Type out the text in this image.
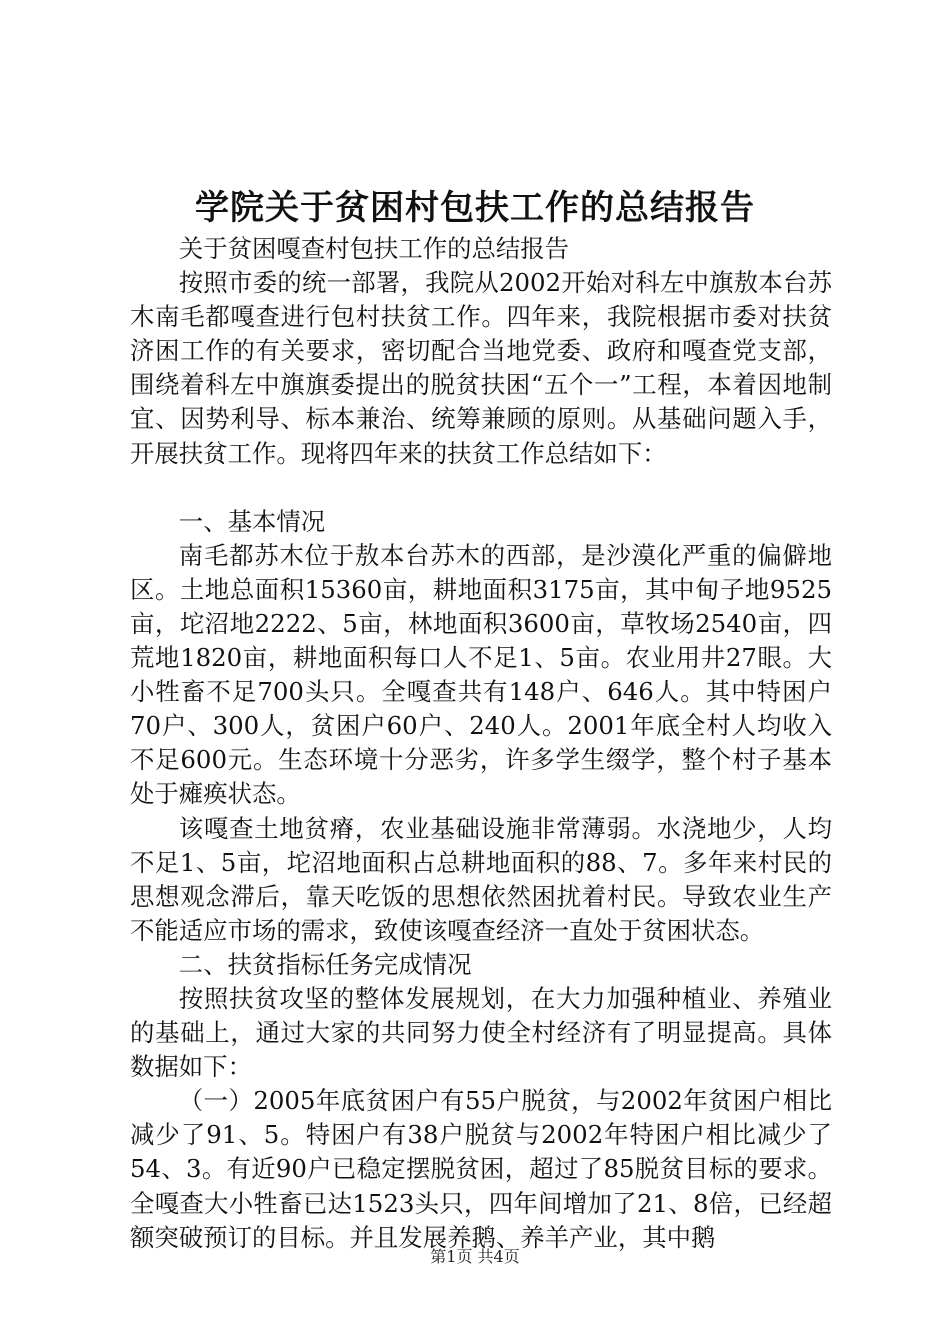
学院关于贫困村包扶工作的总结报告

关于贫困嘎查村包扶工作的总结报告

按照市委的统一部署，我院从2002开始对科左中旗敖本台苏木南毛都嘎查进行包村扶贫工作。四年来，我院根据市委对扶贫济困工作的有关要求，密切配合当地党委、政府和嘎查党支部，围绕着科左中旗旗委提出的脱贫扶困“五个一”工程，本着因地制宜、因势利导、标本兼治、统筹兼顾的原则。从基础问题入手，开展扶贫工作。现将四年来的扶贫工作总结如下：

一、基本情况

南毛都苏木位于敖本台苏木的西部，是沙漠化严重的偏僻地区。土地总面积15360亩，耕地面积3175亩，其中甸子地9525亩，坨沼地2222、5亩，林地面积3600亩，草牧场2540亩，四荒地1820亩，耕地面积每口人不足1、5亩。农业用井27眼。大小牲畜不足700头只。全嘎查共有148户、646人。其中特困户70户、300人，贫困户60户、240人。2001年底全村人均收入不足600元。生态环境十分恶劣，许多学生缀学，整个村子基本处于瘫痪状态。

该嘎查土地贫瘠，农业基础设施非常薄弱。水浇地少，人均不足1、5亩，坨沼地面积占总耕地面积的88、7。多年来村民的思想观念滞后，靠天吃饭的思想依然困扰着村民。导致农业生产不能适应市场的需求，致使该嘎查经济一直处于贫困状态。

二、扶贫指标任务完成情况

按照扶贫攻坚的整体发展规划，在大力加强种植业、养殖业的基础上，通过大家的共同努力使全村经济有了明显提高。具体数据如下：

（一）2005年底贫困户有55户脱贫，与2002年贫困户相比减少了91、5。特困户有38户脱贫与2002年特困户相比减少了54、3。有近90户已稳定摆脱贫困，超过了85脱贫目标的要求。全嘎查大小牲畜已达1523头只，四年间增加了21、8倍，已经超额突破预订的目标。并且发展养鹅、养羊产业，其中鹅

第1页 共4页
